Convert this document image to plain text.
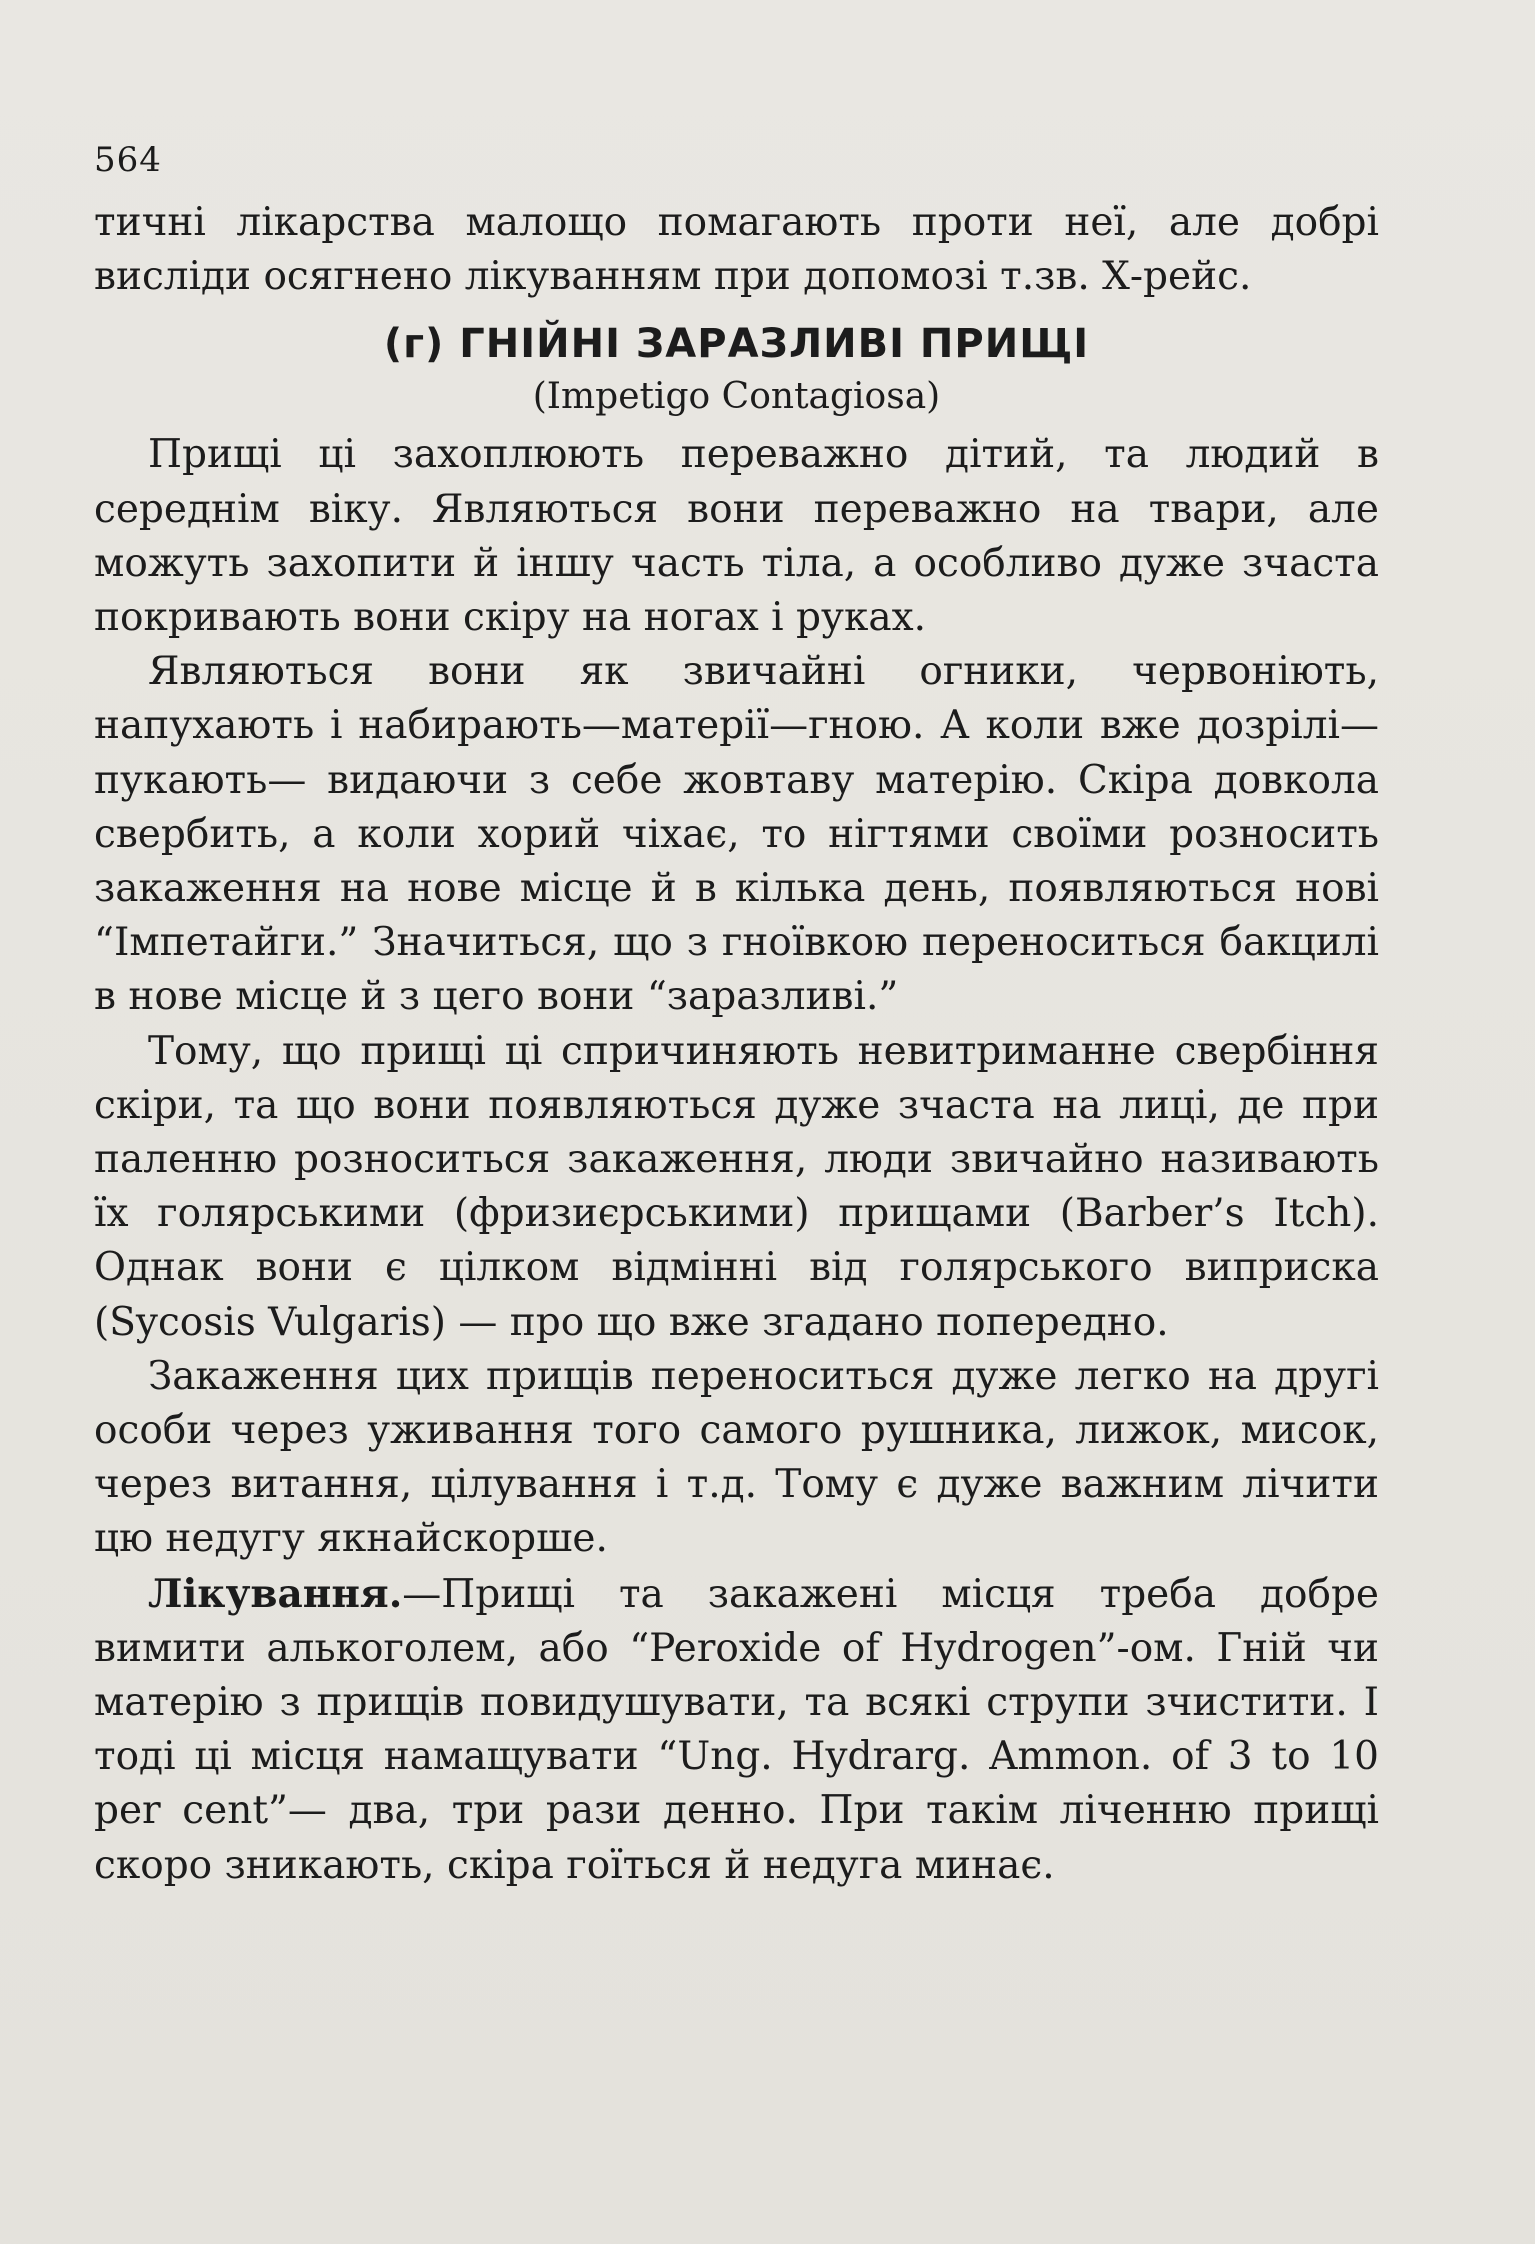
564

тичні лікарства малощо помагають проти неї, але добрі висліди осягнено лікуванням при допомозі т.зв. Х-рейс.

(г) ГНІЙНІ ЗАРАЗЛИВІ ПРИЩІ
(Impetigo Contagiosa)

Прищі ці захоплюють переважно дітий, та людий в середнім віку. Являються вони переважно на твари, але можуть захопити й іншу часть тіла, а особливо дуже зчаста покривають вони скіру на ногах і руках.

Являються вони як звичайні огники, червоніють, напухають і набирають—матерії—гною. А коли вже дозрілі— пукають— видаючи з себе жовтаву матерію. Скіра довкола свербить, а коли хорий чіхає, то нігтями своїми розносить закаження на нове місце й в кілька день, появляються нові “Імпетайги.” Значиться, що з гноївкою переноситься бакцилі в нове місце й з цего вони “заразливі.”

Тому, що прищі ці спричиняють невитриманне свербіння скіри, та що вони появляються дуже зчаста на лиці, де при паленню розноситься закаження, люди звичайно називають їх голярськими (фризиєрськими) прищами (Barber’s Itch). Однак вони є цілком відмінні від голярського виприска (Sycosis Vulgaris) — про що вже згадано попередно.

Закаження цих прищів переноситься дуже легко на другі особи через уживання того самого рушника, лижок, мисок, через витання, цілування і т.д. Тому є дуже важним лічити цю недугу якнайскорше.

Лікування.—Прищі та закажені місця треба добре вимити алькоголем, або “Peroxide of Hydrogen”-ом. Гній чи матерію з прищів повидушувати, та всякі струпи зчистити. І тоді ці місця намащувати “Ung. Hydrarg. Ammon. of 3 to 10 per cent”— два, три рази денно. При такім лiченню прищі скоро зникають, скіра гоїться й недуга минає.
